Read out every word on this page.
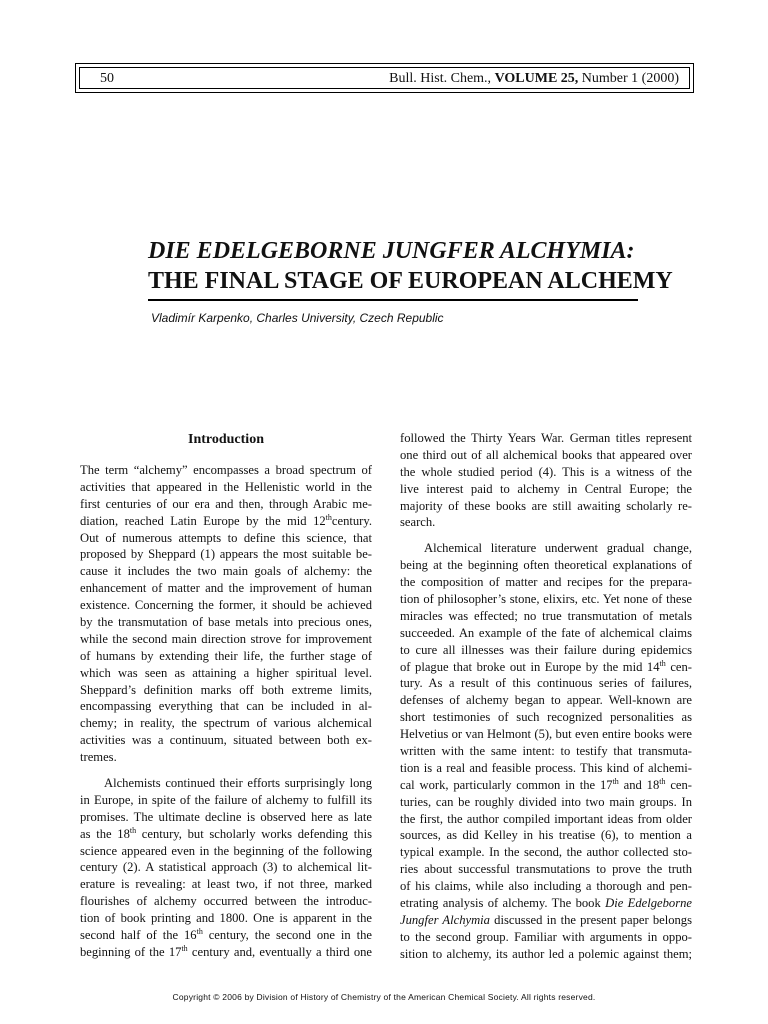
50	Bull. Hist. Chem., VOLUME 25, Number 1 (2000)
DIE EDELGEBORNE JUNGFER ALCHYMIA:
THE FINAL STAGE OF EUROPEAN ALCHEMY
Vladimír Karpenko, Charles University, Czech Republic
Introduction
The term “alchemy” encompasses a broad spectrum of
activities that appeared in the Hellenistic world in the
first centuries of our era and then, through Arabic me-
diation, reached Latin Europe by the mid 12thcentury.
Out of numerous attempts to define this science, that
proposed by Sheppard (1) appears the most suitable be-
cause it includes the two main goals of alchemy: the
enhancement of matter and the improvement of human
existence. Concerning the former, it should be achieved
by the transmutation of base metals into precious ones,
while the second main direction strove for improvement
of humans by extending their life, the further stage of
which was seen as attaining a higher spiritual level.
Sheppard’s definition marks off both extreme limits,
encompassing everything that can be included in al-
chemy; in reality, the spectrum of various alchemical
activities was a continuum, situated between both ex-
tremes.
Alchemists continued their efforts surprisingly long
in Europe, in spite of the failure of alchemy to fulfill its
promises. The ultimate decline is observed here as late
as the 18th century, but scholarly works defending this
science appeared even in the beginning of the following
century (2). A statistical approach (3) to alchemical lit-
erature is revealing: at least two, if not three, marked
flourishes of alchemy occurred between the introduc-
tion of book printing and 1800. One is apparent in the
second half of the 16th century, the second one in the
beginning of the 17th century and, eventually a third one
followed the Thirty Years War. German titles represent
one third out of all alchemical books that appeared over
the whole studied period (4). This is a witness of the
live interest paid to alchemy in Central Europe; the
majority of these books are still awaiting scholarly re-
search.
Alchemical literature underwent gradual change,
being at the beginning often theoretical explanations of
the composition of matter and recipes for the prepara-
tion of philosopher’s stone, elixirs, etc. Yet none of these
miracles was effected; no true transmutation of metals
succeeded. An example of the fate of alchemical claims
to cure all illnesses was their failure during epidemics
of plague that broke out in Europe by the mid 14th cen-
tury. As a result of this continuous series of failures,
defenses of alchemy began to appear. Well-known are
short testimonies of such recognized personalities as
Helvetius or van Helmont (5), but even entire books were
written with the same intent: to testify that transmuta-
tion is a real and feasible process. This kind of alchemi-
cal work, particularly common in the 17th and 18th cen-
turies, can be roughly divided into two main groups. In
the first, the author compiled important ideas from older
sources, as did Kelley in his treatise (6), to mention a
typical example. In the second, the author collected sto-
ries about successful transmutations to prove the truth
of his claims, while also including a thorough and pen-
etrating analysis of alchemy. The book Die Edelgeborne
Jungfer Alchymia discussed in the present paper belongs
to the second group. Familiar with arguments in oppo-
sition to alchemy, its author led a polemic against them;
Copyright © 2006 by Division of History of Chemistry of the American Chemical Society. All rights reserved.
